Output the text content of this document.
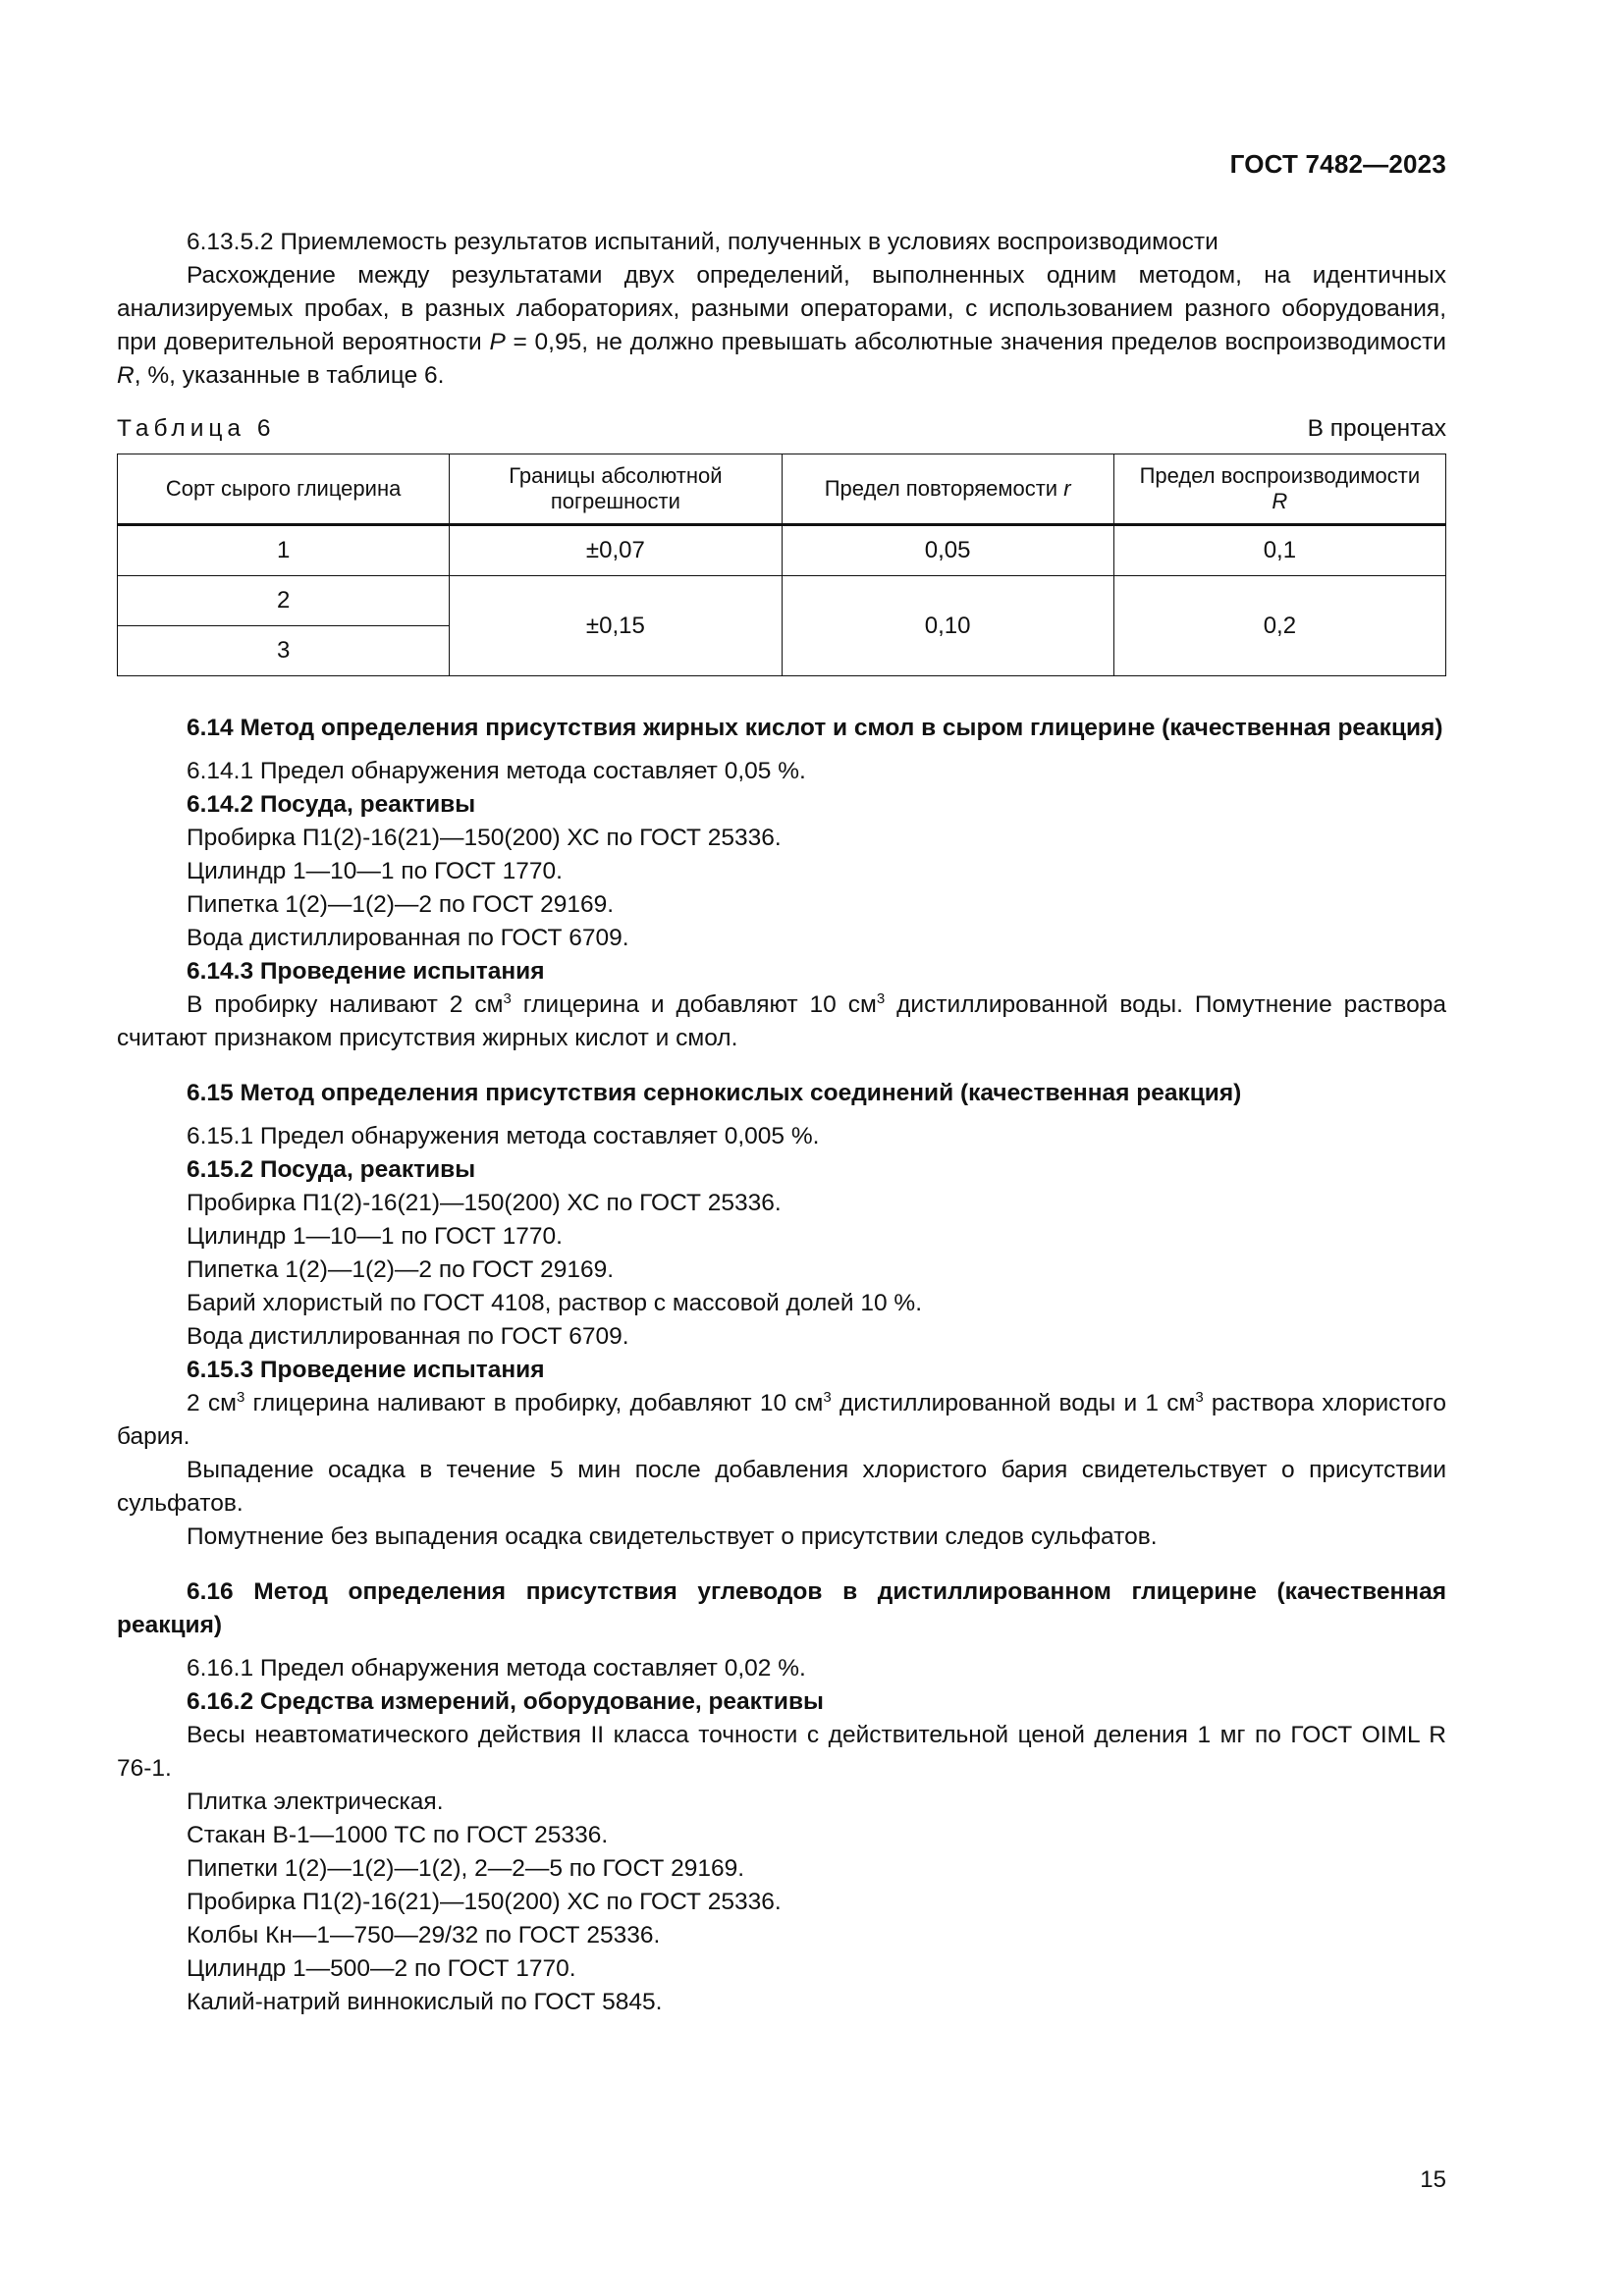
ГОСТ 7482—2023

6.13.5.2 Приемлемость результатов испытаний, полученных в условиях воспроизводимости

Расхождение между результатами двух определений, выполненных одним методом, на идентичных анализируемых пробах, в разных лабораториях, разными операторами, с использованием разного оборудования, при доверительной вероятности P = 0,95, не должно превышать абсолютные значения пределов воспроизводимости R, %, указанные в таблице 6.

Таблица 6	В процентах
Сорт сырого глицерина	Границы абсолютной погрешности	Предел повторяемости r	Предел воспроизводимости
R
1	±0,07	0,05	0,1
2	±0,15	0,10	0,2
3			

6.14 Метод определения присутствия жирных кислот и смол в сыром глицерине (качественная реакция)

6.14.1 Предел обнаружения метода составляет 0,05 %.

6.14.2 Посуда, реактивы

Пробирка П1(2)-16(21)—150(200) ХС по ГОСТ 25336.

Цилиндр 1—10—1 по ГОСТ 1770.

Пипетка 1(2)—1(2)—2 по ГОСТ 29169.

Вода дистиллированная по ГОСТ 6709.

6.14.3 Проведение испытания

В пробирку наливают 2 $см^3$ глицерина и добавляют 10 $см^3$ дистиллированной воды. Помутнение раствора считают признаком присутствия жирных кислот и смол.

6.15 Метод определения присутствия сернокислых соединений (качественная реакция)

6.15.1 Предел обнаружения метода составляет 0,005 %.

6.15.2 Посуда, реактивы

Пробирка П1(2)-16(21)—150(200) ХС по ГОСТ 25336.

Цилиндр 1—10—1 по ГОСТ 1770.

Пипетка 1(2)—1(2)—2 по ГОСТ 29169.

Барий хлористый по ГОСТ 4108, раствор с массовой долей 10 %.

Вода дистиллированная по ГОСТ 6709.

6.15.3 Проведение испытания

2 $см^3$ глицерина наливают в пробирку, добавляют 10 $см^3$ дистиллированной воды и 1 $см^3$ раствора хлористого бария.

Выпадение осадка в течение 5 мин после добавления хлористого бария свидетельствует о присутствии сульфатов.

Помутнение без выпадения осадка свидетельствует о присутствии следов сульфатов.

6.16 Метод определения присутствия углеводов в дистиллированном глицерине (качественная реакция)

6.16.1 Предел обнаружения метода составляет 0,02 %.

6.16.2 Средства измерений, оборудование, реактивы

Весы неавтоматического действия II класса точности с действительной ценой деления 1 мг по ГОСТ OIML R 76-1.

Плитка электрическая.

Стакан В-1—1000 ТС по ГОСТ 25336.

Пипетки 1(2)—1(2)—1(2), 2—2—5 по ГОСТ 29169.

Пробирка П1(2)-16(21)—150(200) ХС по ГОСТ 25336.

Колбы Кн—1—750—29/32 по ГОСТ 25336.

Цилиндр 1—500—2 по ГОСТ 1770.

Калий-натрий виннокислый по ГОСТ 5845.

15
